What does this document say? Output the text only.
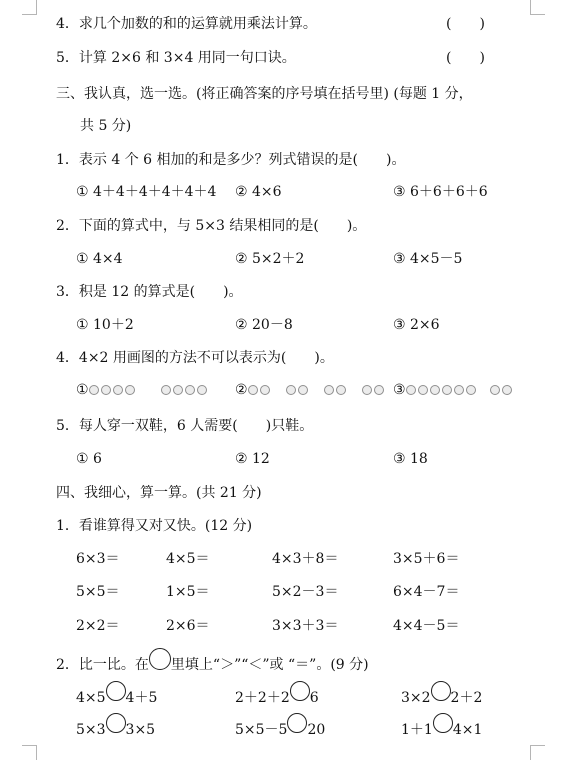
4．求几个加数的和的运算就用乘法计算。	(　　)
5．计算 2×6 和 3×4 用同一句口诀。	(　　)
三、我认真，选一选。(将正确答案的序号填在括号里) (每题 1 分，
共 5 分)
1．表示 4 个 6 相加的和是多少？列式错误的是(　　)。
① 4＋4＋4＋4＋4＋4 ② 4×6	③ 6＋6＋6＋6
2．下面的算式中，与 5×3 结果相同的是(　　)。
① 4×4	② 5×2＋2	③ 4×5－5
3．积是 12 的算式是(　　)。
① 10＋2	② 20－8	③ 2×6
4．4×2 用画图的方法不可以表示为(　　)。
①	②	③
5．每人穿一双鞋，6 人需要(　　)只鞋。
① 6	② 12	③ 18
四、我细心，算一算。(共 21 分)
1．看谁算得又对又快。(12 分)
6×3＝	4×5＝	4×3＋8＝	3×5＋6＝
5×5＝	1×5＝	5×2－3＝	6×4－7＝
2×2＝	2×6＝	3×3＋3＝	4×4－5＝
2．比一比。在 里填上“＞”“＜”或 “＝”。(9 分)
4×5 4＋5	2＋2＋2 6	3×2 2＋2
5×3 3×5	5×5－5 20	1＋1 4×1
